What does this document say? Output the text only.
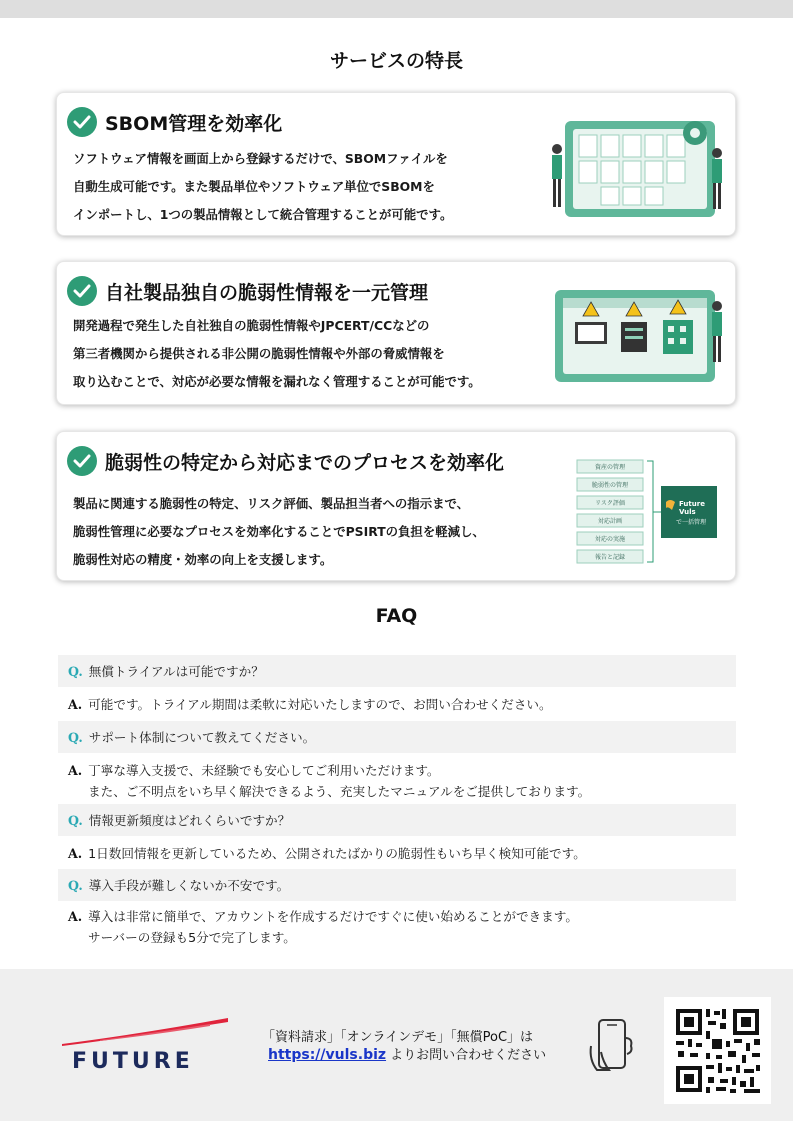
サービスの特長
SBOM管理を効率化
ソフトウェア情報を画面上から登録するだけで、SBOMファイルを
自動生成可能です。また製品単位やソフトウェア単位でSBOMを
インポートし、1つの製品情報として統合管理することが可能です。
自社製品独自の脆弱性情報を一元管理
開発過程で発生した自社独自の脆弱性情報やJPCERT/CCなどの
第三者機関から提供される非公開の脆弱性情報や外部の脅威情報を
取り込むことで、対応が必要な情報を漏れなく管理することが可能です。
脆弱性の特定から対応までのプロセスを効率化
製品に関連する脆弱性の特定、リスク評価、製品担当者への指示まで、
脆弱性管理に必要なプロセスを効率化することでPSIRTの負担を軽減し、
脆弱性対応の精度・効率の向上を支援します。
資産の管理
脆弱性の管理
リスク評価
対応計画
対応の実施
報告と記録
Future
Vuls
で一括管理
FAQ
Q. 無償トライアルは可能ですか？
A. 可能です。トライアル期間は柔軟に対応いたしますので、お問い合わせください。
Q. サポート体制について教えてください。
A. 丁寧な導入支援で、未経験でも安心してご利用いただけます。
また、ご不明点をいち早く解決できるよう、充実したマニュアルをご提供しております。
Q. 情報更新頻度はどれくらいですか？
A. 1日数回情報を更新しているため、公開されたばかりの脆弱性もいち早く検知可能です。
Q. 導入手段が難しくないか不安です。
A. 導入は非常に簡単で、アカウントを作成するだけですぐに使い始めることができます。
サーバーの登録も5分で完了します。
FUTURE
「資料請求」「オンラインデモ」「無償PoC」は
https://vuls.biz よりお問い合わせください
